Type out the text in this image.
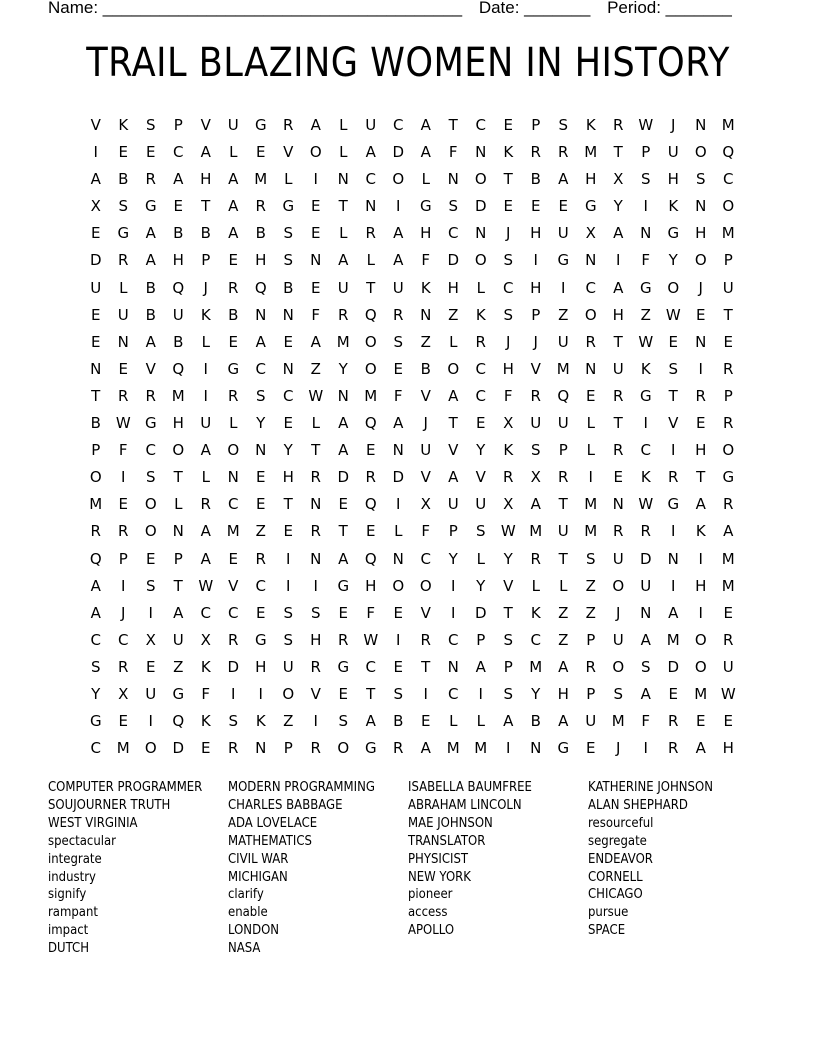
Name: ______________________________________ Date: _______ Period: _______
TRAIL BLAZING WOMEN IN HISTORY
V	K	S	P	V	U	G	R	A	L	U	C	A	T	C	E	P	S	K	R W	J	N	M
I	E	E	C	A	L	E	V	O	L	A	D	A	F	N	K	R	R	M	T	P	U	O	Q
A	B	R	A	H	A	M	L	I	N	C	O	L	N	O	T	B	A	H	X	S	H	S	C
X	S	G	E	T	A	R	G	E	T	N	I	G	S	D	E	E	E	G	Y	I	K	N	O
E	G	A	B	B	A	B	S	E	L	R	A	H	C	N	J	H	U	X	A	N	G	H	M
D	R	A	H	P	E	H	S	N	A	L	A	F	D	O	S	I	G	N	I	F	Y	O	P
U	L	B	Q	J	R	Q	B	E	U	T	U	K	H	L	C	H	I	C	A	G	O	J	U
E	U	B	U	K	B	N	N	F	R	Q	R	N	Z	K	S	P	Z	O	H	Z W	E	T
E	N	A	B	L	E	A	E	A	M	O	S	Z	L	R	J	J	U	R	T	W	E	N	E
N	E	V	Q	I	G	C	N	Z	Y	O	E	B	O	C	H	V	M	N	U	K	S	I	R
T	R	R	M	I	R	S	C W N	M	F	V	A	C	F	R	Q	E	R	G	T	R	P
B W G	H	U	L	Y	E	L	A	Q	A	J	T	E	X	U	U	L	T	I	V	E	R
P	F	C	O	A	O	N	Y	T	A	E	N	U	V	Y	K	S	P	L	R	C	I	H	O
O	I	S	T	L	N	E	H	R	D	R	D	V	A	V	R	X	R	I	E	K	R	T	G
M	E	O	L	R	C	E	T	N	E	Q	I	X	U	U	X	A	T	M	N W G	A	R
R	R	O	N	A	M	Z	E	R	T	E	L	F	P	S	W M	U	M	R	R	I	K	A
Q	P	E	P	A	E	R	I	N	A	Q	N	C	Y	L	Y	R	T	S	U	D	N	I	M
A	I	S	T	W V	C	I	I	G	H	O	O	I	Y	V	L	L	Z	O	U	I	H	M
A	J	I	A	C	C	E	S	S	E	F	E	V	I	D	T	K	Z	Z	J	N	A	I	E
C	C	X	U	X	R	G	S	H	R W	I	R	C	P	S	C	Z	P	U	A	M	O	R
S	R	E	Z	K	D	H	U	R	G	C	E	T	N	A	P	M	A	R	O	S	D	O	U
Y	X	U	G	F	I	I	O	V	E	T	S	I	C	I	S	Y	H	P	S	A	E	M W
G	E	I	Q	K	S	K	Z	I	S	A	B	E	L	L	A	B	A	U	M	F	R	E	E
C	M	O	D	E	R	N	P	R	O	G	R	A	M M	I	N	G	E	J	I	R	A	H
COMPUTER PROGRAMMER
SOUJOURNER TRUTH
WEST VIRGINIA
spectacular
integrate
industry
signify
rampant
impact
DUTCH
MODERN PROGRAMMING
CHARLES BABBAGE
ADA LOVELACE
MATHEMATICS
CIVIL WAR
MICHIGAN
clarify
enable
LONDON
NASA
ISABELLA BAUMFREE
ABRAHAM LINCOLN
MAE JOHNSON
TRANSLATOR
PHYSICIST
NEW YORK
pioneer
access
APOLLO
KATHERINE JOHNSON
ALAN SHEPHARD
resourceful
segregate
ENDEAVOR
CORNELL
CHICAGO
pursue
SPACE
